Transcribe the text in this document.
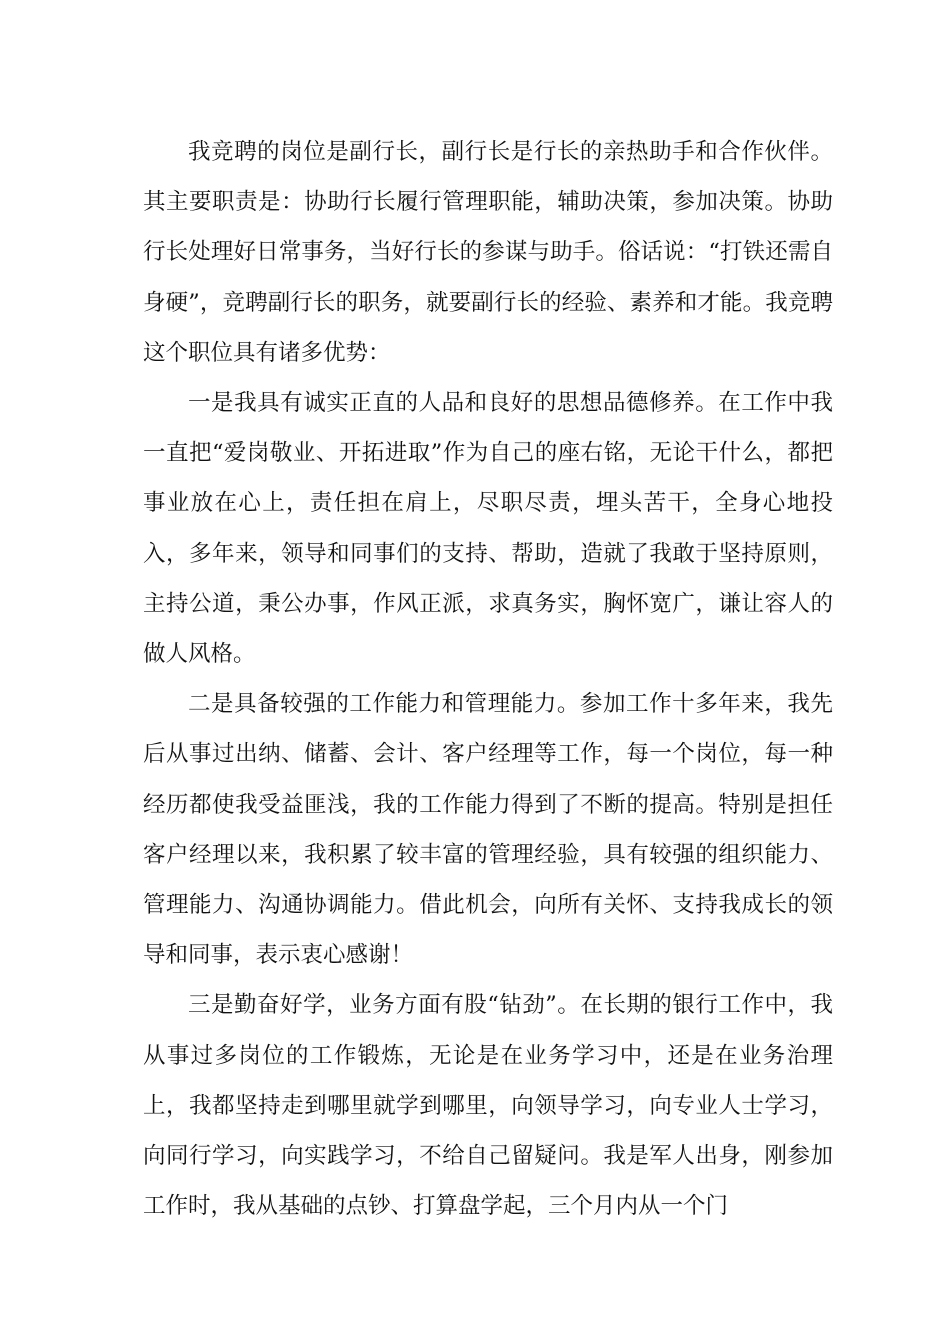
我竞聘的岗位是副行长，副行长是行长的亲热助手和合作伙伴。其主要职责是：协助行长履行管理职能，辅助决策，参加决策。协助行长处理好日常事务，当好行长的参谋与助手。俗话说：“打铁还需自身硬”，竞聘副行长的职务，就要副行长的经验、素养和才能。我竞聘这个职位具有诸多优势：

一是我具有诚实正直的人品和良好的思想品德修养。在工作中我一直把“爱岗敬业、开拓进取”作为自己的座右铭，无论干什么，都把事业放在心上，责任担在肩上，尽职尽责，埋头苦干，全身心地投入，多年来，领导和同事们的支持、帮助，造就了我敢于坚持原则，主持公道，秉公办事，作风正派，求真务实，胸怀宽广，谦让容人的做人风格。

二是具备较强的工作能力和管理能力。参加工作十多年来，我先后从事过出纳、储蓄、会计、客户经理等工作，每一个岗位，每一种经历都使我受益匪浅，我的工作能力得到了不断的提高。特别是担任客户经理以来，我积累了较丰富的管理经验，具有较强的组织能力、管理能力、沟通协调能力。借此机会，向所有关怀、支持我成长的领导和同事，表示衷心感谢！

三是勤奋好学，业务方面有股“钻劲”。在长期的银行工作中，我从事过多岗位的工作锻炼，无论是在业务学习中，还是在业务治理上，我都坚持走到哪里就学到哪里，向领导学习，向专业人士学习，向同行学习，向实践学习，不给自己留疑问。我是军人出身，刚参加工作时，我从基础的点钞、打算盘学起，三个月内从一个门
